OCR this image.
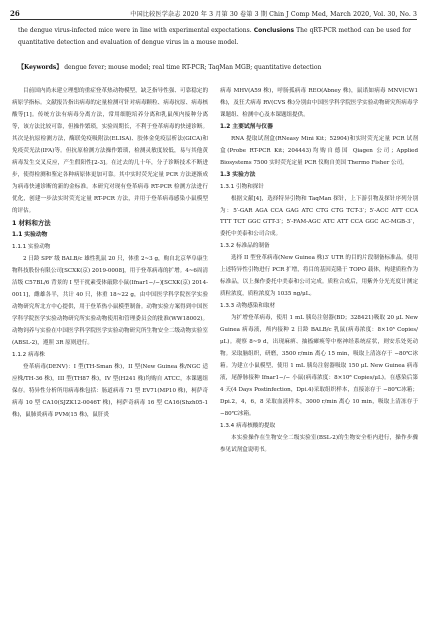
26	中国比较医学杂志 2020 年 3 月第 30 卷第 3 期 Chin J Comp Med, March 2020, Vol. 30, No. 3
the dengue virus-infected mice were in line with experimental expectations. Conclusions The qRT-PCR method can be used for quantitative detection and evaluation of dengue virus in a mouse model.
【Keywords】 dengue fever; mouse model; real time RT-PCR; TaqMan MGB; quantitative detection

目前国内尚未建立理想的重症登革热动物模型，缺乏指导性强、可靠稳定的病原学指标。文献报告指出病毒的定量检测可针对病毒颗粒、病毒抗原、病毒核酸等[1]。传统方法有病毒分离方法，常用细胞培养分离和乳鼠颅内接种分离等，该方法比较可靠，但操作繁琐，实验周期长，不利于登革病毒的快速诊断。其次是抗原检测方法，酶联免疫吸附法(ELISA)、胶体金免疫层析法(GICA)和免疫荧光法(IFA)等。但抗原检测方法操作繁琐，检测灵敏度较低，易与其他黄病毒发生交叉反应，产生假阳性[2-3]。在过去的几十年，分子诊断技术不断进步，使得检测和鉴定各种病原体更加可靠。其中实时荧光定量 PCR 方法逐渐成为病毒快速诊断的新的金标准。本研究对现有登革病毒 RT-PCR 检测方法进行优化，创建一步法实时荧光定量 RT-PCR 方法，并用于登革病毒感染小鼠模型的评估。

1 材料和方法

1.1 实验动物

1.1.1 实验动物

2 日龄 SPF 级 BALB/c 雄性乳鼠 20 只，体重 2~3 g，购自北京华阜康生物科技股份有限公司[SCXK(京) 2019-0008]，用于登革病毒的扩增。4~6周清洁级 C57BL/6 背景的 I 型干扰素受体敲除小鼠(Ifnar1−/−)[SCXK(京) 2014-0011]，雌雄各半，共计 40 只，体重 18~22 g，由中国医学科学院医学实验动物研究所北方中心提供，用于登革热小鼠模型制备。动物实验方案得到中国医学科学院医学实验动物研究所实验动物使用和管理委员会的批准(WW18002)。动物饲养与实验在中国医学科学院医学实验动物研究所生物安全二级动物实验室(ABSL-2)，遵照 3R 原则进行。

1.1.2 病毒株

登革病毒(DENV)：I 型(TH-Sman 株)，II 型(New Guinea 株/NGC 适应株/TH-36 株)，III 型(TH87 株)，IV 型(H241 株)均购自 ATCC，本课题组保存。特异性分析所用病毒株包括：肠道病毒 71 型 EV71(MP10 株)，柯萨奇病毒 10 型 CA10(SJZK12-0046T 株)，柯萨奇病毒 16 型 CA16(Shzh05-1 株)，鼠肺炎病毒 PVM(15 株)，鼠肝炎

病毒 MHV(A59 株)，呼肠孤病毒 REO(Abney 株)，鼠诺如病毒 MNV(CW1 株)，及狂犬病毒 RV(CVS 株)分别由中国医学科学院医学实验动物研究所病毒学课题组、检测中心及本课题组提供。

1.2 主要试剂与仪器

RNA 提取试剂盒(RNeasy Mini Kit；52904)和实时荧光定量 PCR 试剂盒(Probe RT-PCR Kit；204443)均购自德国 Qiagen 公司；Applied Biosystems 7500 实时荧光定量 PCR 仪购自美国 Thermo Fisher 公司。

1.3 实验方法

1.3.1 引物和探针

根据文献[4]，选择特异引物和 TaqMan 探针，上下游引物及探针序列分别为：5′-GAR AGA CCA GAG ATC CTG CTG TCT-3′；5′-ACC ATT CCA TTT TCT GGC GTT-3′；5′-FAM-AGC ATC ATT CCA GGC AC-MGB-3′，委托中美泰和公司合成。

1.3.2 标准品的制备

选择 II 型登革病毒(New Guinea 株)3′ UTR 的目的片段制备标准品。使用上述特异性引物进行 PCR 扩增，将目的基因克隆于 TOPO 载体，构建质粒作为标准品，以上操作委托中美泰和公司完成。质粒合成后，用紫外分光光度计测定质粒浓度，质粒浓度为 1035 ng/μL。

1.3.3 动物感染和取材

为扩增登革病毒，使用 1 mL 胰岛注射器(BD；328421)吸取 20 μL New Guinea 病毒液，颅内接种 2 日龄 BALB/c 乳鼠(病毒浓度：8×10⁵ Copies/μL)。观察 8~9 d，出现麻痹、抽搐瘫痪等中枢神经系统症状，则安乐处死动物。采取脑组织，研磨，3500 r/min 离心 15 min，吸取上清冻存于 −80℃冰箱。为建立小鼠模型，使用 1 mL 胰岛注射器吸取 150 μL New Guinea 病毒液，尾静脉接种 Ifnar1−/− 小鼠(病毒浓度：8×10⁸ Copies/μL)。在感染后第 4 天(4 Days Postinfection，Dpi.4)采取组织样本，直接冻存于 −80℃冰箱；Dpi.2，4，6，8 采取血液样本，3000 r/min 离心 10 min，吸取上清冻存于 −80℃冰箱。

1.3.4 病毒核酸的提取

本实验操作在生物安全二级实验室(BSL-2)的生物安全柜内进行，操作步骤参见试剂盒说明书。
